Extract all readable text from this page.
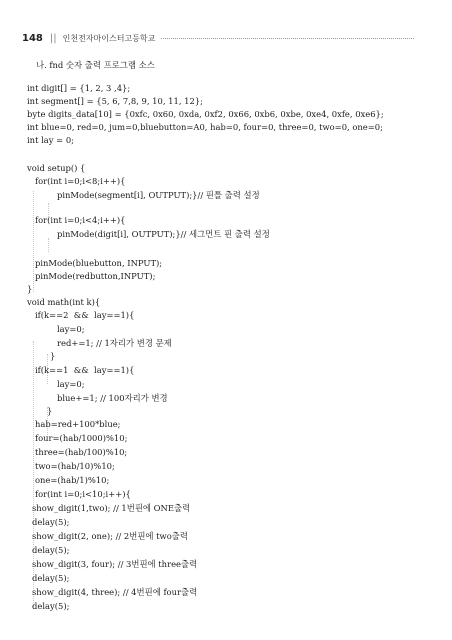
148 || 인천전자마이스터고등학교
나. fnd 숫자 출력 프로그램 소스
int digit[] = {1, 2, 3 ,4};
int segment[] = {5, 6, 7,8, 9, 10, 11, 12};
byte digits_data[10] = {0xfc, 0x60, 0xda, 0xf2, 0x66, 0xb6, 0xbe, 0xe4, 0xfe, 0xe6};
int blue=0, red=0, jum=0,bluebutton=A0, hab=0, four=0, three=0, two=0, one=0;
int lay = 0;
void setup() {
for(int i=0;i<8;i++){
pinMode(segment[i], OUTPUT);}// 핀틀 출력 설정
for(int i=0;i<4;i++){
pinMode(digit[i], OUTPUT);}// 세그먼트 핀 출력 설정
pinMode(bluebutton, INPUT);
pinMode(redbutton,INPUT);
}
void math(int k){
if(k==2  &&  lay==1){
lay=0;
red+=1; // 1자리가 변경 문제
}
if(k==1  &&  lay==1){
lay=0;
blue+=1; // 100자리가 변경
}
hab=red+100*blue;
four=(hab/1000)%10;
three=(hab/100)%10;
two=(hab/10)%10;
one=(hab/1)%10;
for(int i=0;i<10;i++){
show_digit(1,two); // 1번핀에 ONE출력
delay(5);
show_digit(2, one); // 2번핀에 two출력
delay(5);
show_digit(3, four); // 3번핀에 three출력
delay(5);
show_digit(4, three); // 4번핀에 four출력
delay(5);
